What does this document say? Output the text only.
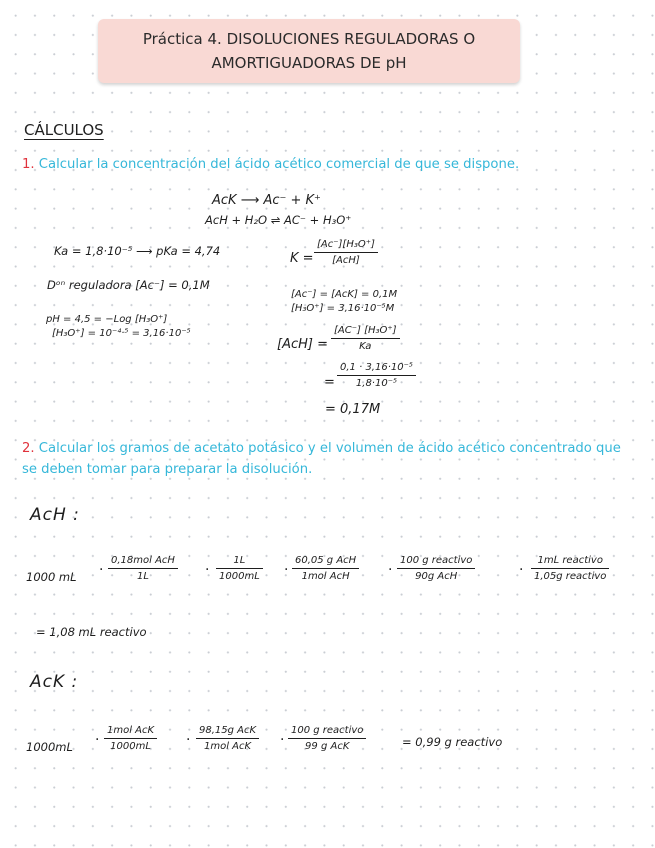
Práctica 4. DISOLUCIONES REGULADORAS O
AMORTIGUADORAS DE pH
CÁLCULOS
1. Calcular la concentración del ácido acético comercial de que se dispone.
AcK ⟶ Ac⁻ + K⁺
AcH + H₂O ⇌ AC⁻ + H₃O⁺
Ka = 1,8·10⁻⁵ ⟶ pKa = 4,74	K =
[Ac⁻][H₃O⁺]
[AcH]
Dᵒⁿ reguladora [Ac⁻] = 0,1M
[Ac⁻] = [AcK] = 0,1M
[H₃O⁺] = 3,16·10⁻⁵M
pH = 4,5 = −Log [H₃O⁺]
[H₃O⁺] = 10⁻⁴·⁵ = 3,16·10⁻⁵
[AcH] =
[AC⁻] [H₃O⁺]
Ka
=
0,1 · 3,16·10⁻⁵
1,8·10⁻⁵
= 0,17M
2. Calcular los gramos de acetato potásico y el volumen de ácido acético concentrado que se deben tomar para preparar la disolución.
AcH :
1000 mL ·
0,18mol AcH
1L	·
1L
1000mL ·
60,05 g AcH
1mol AcH	·
100 g reactivo
90g AcH	·
1mL reactivo
1,05g reactivo
= 1,08 mL reactivo
AcK :
1000mL ·
1mol AcK
1000mL	·
98,15g AcK
1mol AcK ·
100 g reactivo
99 g AcK	= 0,99 g reactivo
